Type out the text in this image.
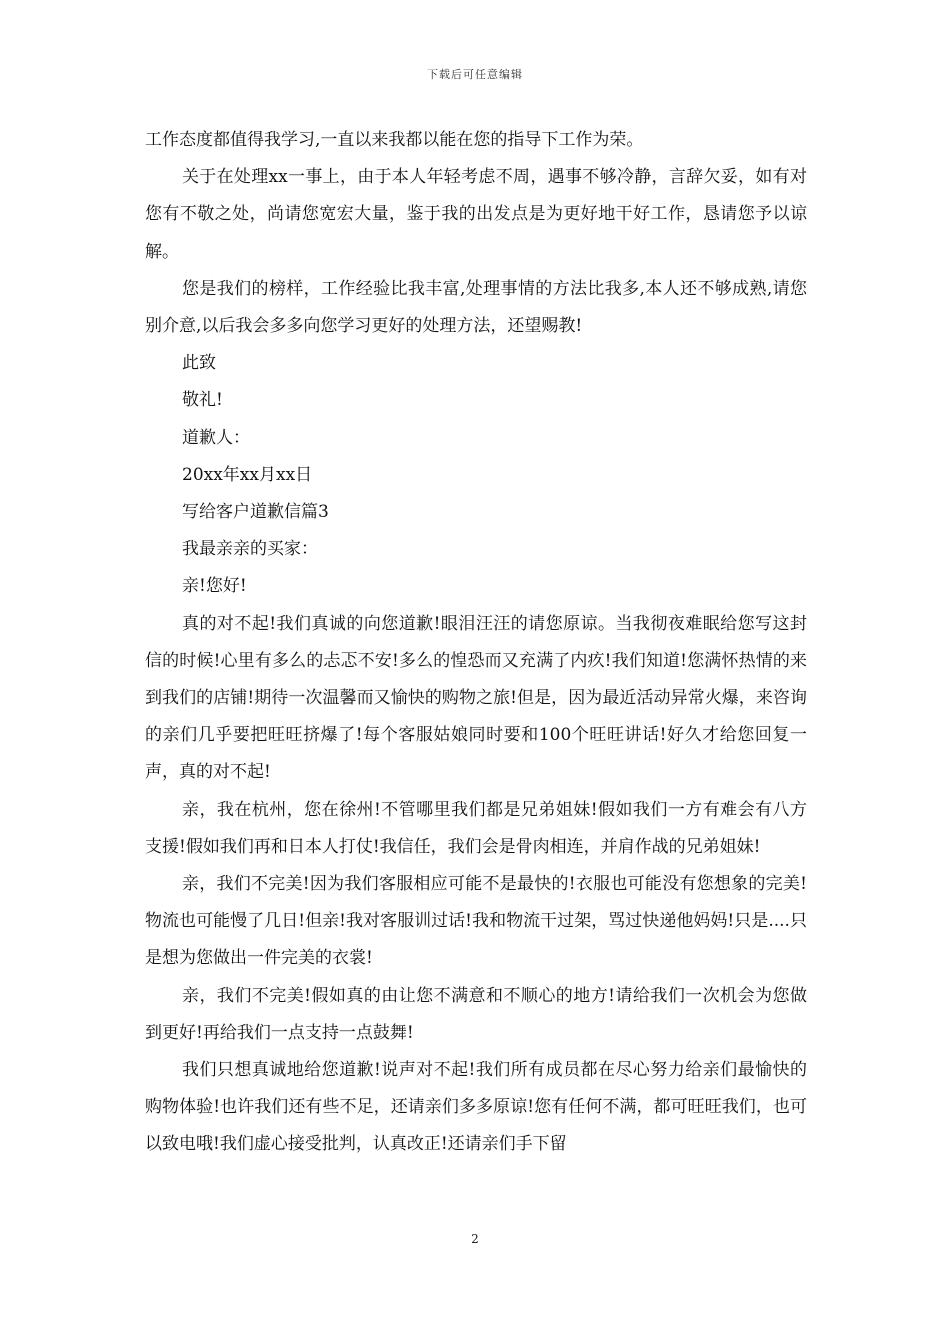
下载后可任意编辑

工作态度都值得我学习,一直以来我都以能在您的指导下工作为荣。

关于在处理xx一事上，由于本人年轻考虑不周，遇事不够冷静，言辞欠妥，如有对您有不敬之处，尚请您宽宏大量，鉴于我的出发点是为更好地干好工作，恳请您予以谅解。

您是我们的榜样，工作经验比我丰富,处理事情的方法比我多,本人还不够成熟,请您别介意,以后我会多多向您学习更好的处理方法，还望赐教!

此致

敬礼!

道歉人：

20xx年xx月xx日

写给客户道歉信篇3

我最亲亲的买家：

亲!您好!

真的对不起!我们真诚的向您道歉!眼泪汪汪的请您原谅。当我彻夜难眠给您写这封信的时候!心里有多么的忐忑不安!多么的惶恐而又充满了内疚!我们知道!您满怀热情的来到我们的店铺!期待一次温馨而又愉快的购物之旅!但是，因为最近活动异常火爆，来咨询的亲们几乎要把旺旺挤爆了!每个客服姑娘同时要和100个旺旺讲话!好久才给您回复一声，真的对不起!

亲，我在杭州，您在徐州!不管哪里我们都是兄弟姐妹!假如我们一方有难会有八方支援!假如我们再和日本人打仗!我信任，我们会是骨肉相连，并肩作战的兄弟姐妹!

亲，我们不完美!因为我们客服相应可能不是最快的!衣服也可能没有您想象的完美!物流也可能慢了几日!但亲!我对客服训过话!我和物流干过架，骂过快递他妈妈!只是....只是想为您做出一件完美的衣裳!

亲，我们不完美!假如真的由让您不满意和不顺心的地方!请给我们一次机会为您做到更好!再给我们一点支持一点鼓舞!

我们只想真诚地给您道歉!说声对不起!我们所有成员都在尽心努力给亲们最愉快的购物体验!也许我们还有些不足，还请亲们多多原谅!您有任何不满，都可旺旺我们，也可以致电哦!我们虚心接受批判，认真改正!还请亲们手下留

2
